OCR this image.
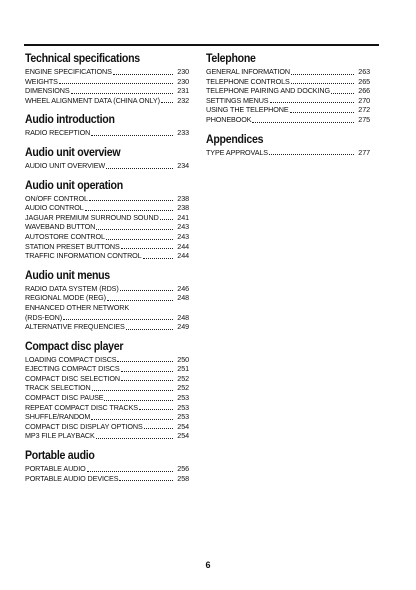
Technical specifications
ENGINE SPECIFICATIONS	230
WEIGHTS	230
DIMENSIONS	231
WHEEL ALIGNMENT DATA (CHINA ONLY)	232
Audio introduction
RADIO RECEPTION	233
Audio unit overview
AUDIO UNIT OVERVIEW	234
Audio unit operation
ON/OFF CONTROL	238
AUDIO CONTROL	238
JAGUAR PREMIUM SURROUND SOUND	241
WAVEBAND BUTTON	243
AUTOSTORE CONTROL	243
STATION PRESET BUTTONS	244
TRAFFIC INFORMATION CONTROL	244
Audio unit menus
RADIO DATA SYSTEM (RDS)	246
REGIONAL MODE (REG)	248
ENHANCED OTHER NETWORK
(RDS-EON)	248
ALTERNATIVE FREQUENCIES	249
Compact disc player
LOADING COMPACT DISCS	250
EJECTING COMPACT DISCS	251
COMPACT DISC SELECTION	252
TRACK SELECTION	252
COMPACT DISC PAUSE	253
REPEAT COMPACT DISC TRACKS	253
SHUFFLE/RANDOM	253
COMPACT DISC DISPLAY OPTIONS	254
MP3 FILE PLAYBACK	254
Portable audio
PORTABLE AUDIO	256
PORTABLE AUDIO DEVICES	258
Telephone
GENERAL INFORMATION	263
TELEPHONE CONTROLS	265
TELEPHONE PAIRING AND DOCKING	266
SETTINGS MENUS	270
USING THE TELEPHONE	272
PHONEBOOK	275
Appendices
TYPE APPROVALS	277
6
